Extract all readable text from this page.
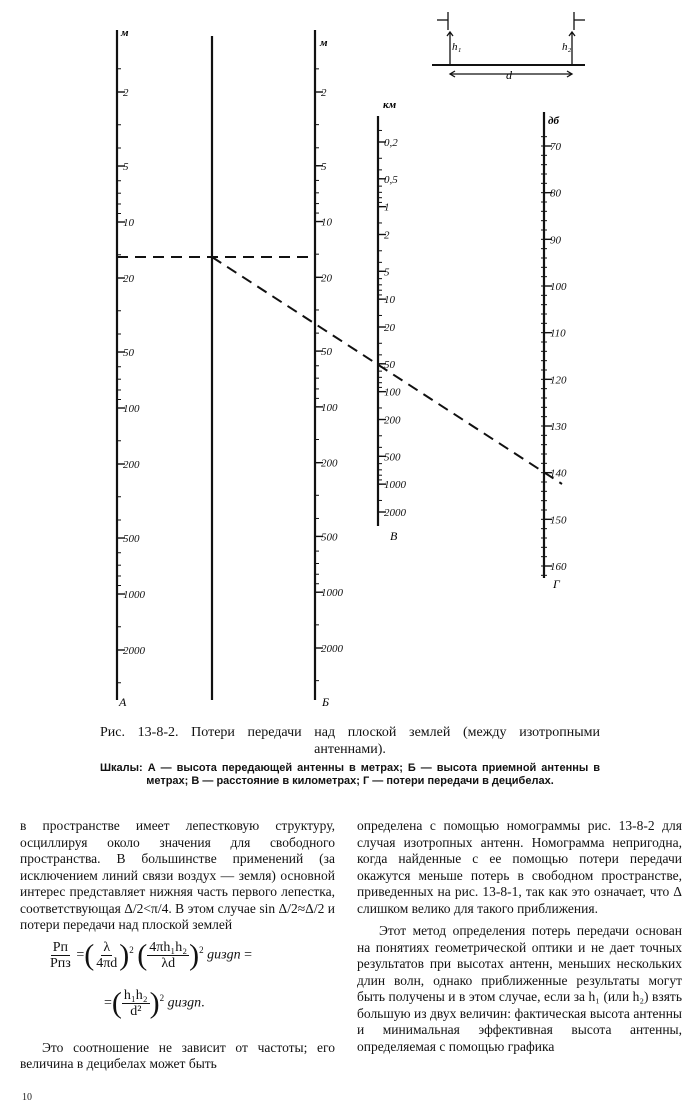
2
5
10
20
50
100
200
500
1000
2000
2
5
10
20
50
100
200
500
1000
2000
0,2
0,5
1
2
5
10
20
50
100
200
500
1000
2000
70
80
90
100
110
120
130
140
150
160
м
м
км
дб
А	Б
В
Г
h₁	h₂
d
Рис. 13-8-2. Потери передачи над плоской землей (между изотропными антеннами).
Шкалы: А — высота передающей антенны в метрах; Б — высота приемной антенны в метрах; В — расстояние в километрах; Г — потери передачи в децибелах.

в пространстве имеет лепестковую структуру, осциллируя около значения для свободного пространства. В большинстве применений (за исключением линий связи воздух — земля) основной интерес представляет нижняя часть первого лепестка, соответствующая Δ/2<π/4. В этом случае sin Δ/2≈Δ/2 и потери передачи над плоской землей

$\frac{Pп}{\text{Pпз}}$ =( $\frac{\lambda}{4\pi d} )^2$ ( $\frac{\text{4πh₁h₂}}{\lambda d} )^2$ gизgп =
=( $\frac{\text{h₁h₂}}{\text{d²}} )^2$ gизgп.

Это соотношение не зависит от частоты; его величина в децибелах может быть

определена с помощью номограммы рис. 13-8-2 для случая изотропных антенн. Номограмма непригодна, когда найденные с ее помощью потери передачи окажутся меньше потерь в свободном пространстве, приведенных на рис. 13-8-1, так как это означает, что Δ слишком велико для такого приближения.

Этот метод определения потерь передачи основан на понятиях геометрической оптики и не дает точных результатов при высотах антенн, меньших нескольких длин волн, однако приближенные результаты могут быть получены и в этом случае, если за h₁ (или h₂) взять большую из двух величин: фактическая высота антенны и минимальная эффективная высота антенны, определяемая с помощью графика

10
